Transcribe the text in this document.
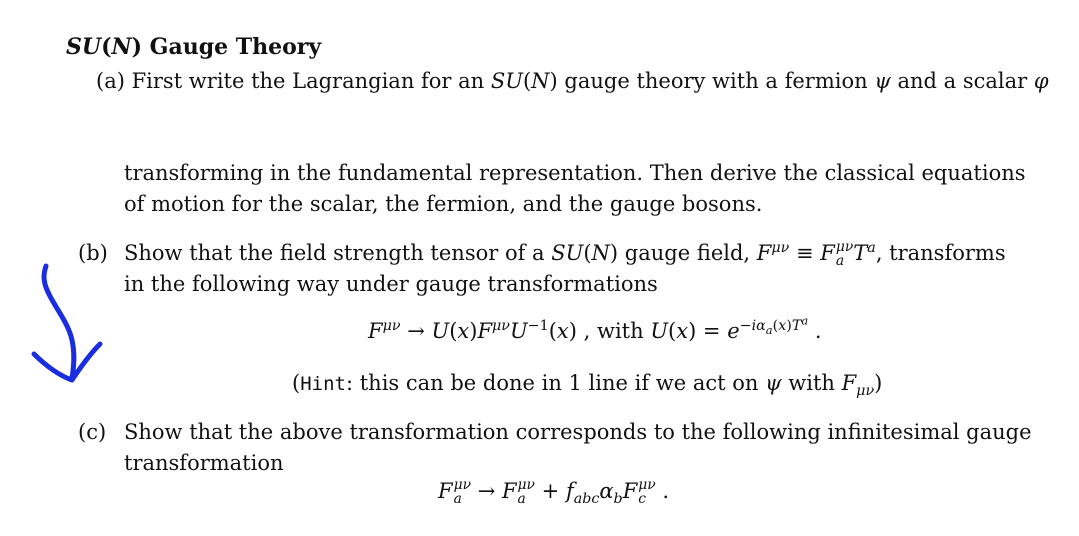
SU(N) Gauge Theory
(a) First write the Lagrangian for an SU(N) gauge theory with a fermion ψ and a scalar φ
transforming in the fundamental representation. Then derive the classical equations
of motion for the scalar, the fermion, and the gauge bosons.
(b) Show that the field strength tensor of a SU(N) gauge field, $F^{\mu\nu} \equiv F$ μν
a $T^a$, transforms
in the following way under gauge transformations
$F^{\mu\nu} \to U(x)F^{\mu\nu}U^{-1}(x)$ , with $U(x) = e^{-i\alpha_a(x)T^a}$ .
(Hint:
this can be done in 1 line if we act on ψ with $F_{\mu\nu}$)
(c) Show that the above transformation corresponds to the following infinitesimal gauge
transformation
F μν
a → F μν
$a + f_{abc}\alpha_bF$ μν
c .
